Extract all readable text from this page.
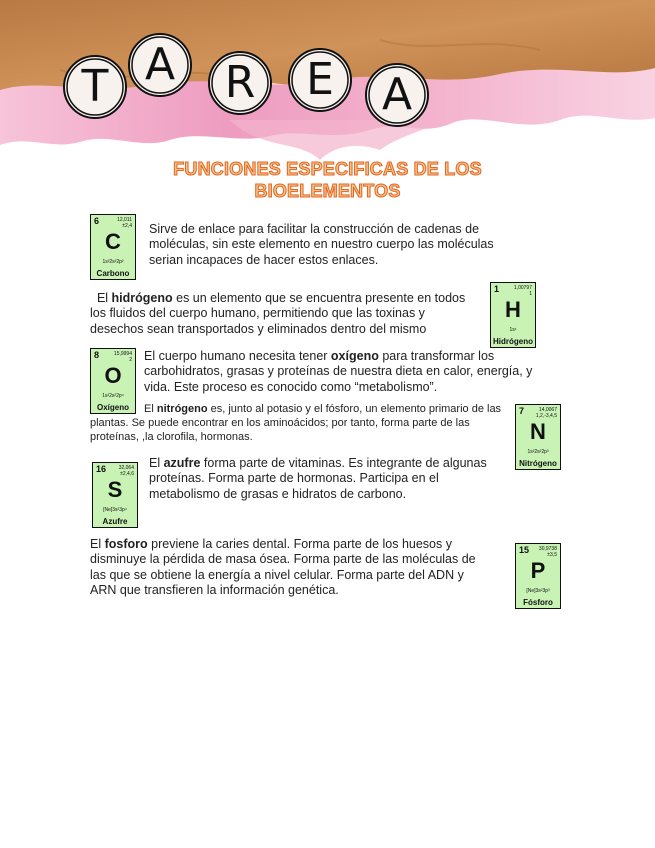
T A	R	E	A
FUNCIONES ESPECIFICAS DE LOS BIOELEMENTOS
6	12,011
±2,4
C
1s²2s²2p²
Carbono

Sirve de enlace para facilitar la construcción de cadenas de moléculas, sin este elemento en nuestro cuerpo las moléculas serian incapaces de hacer estos enlaces.

El hidrógeno es un elemento que se encuentra presente en todos los fluidos del cuerpo humano, permitiendo que las toxinas y desechos sean transportados y eliminados dentro del mismo

1	1,00797
1
H
1s¹
Hidrógeno
8	15,9994
2
O
1s²2s²2p⁴
Oxígeno

El cuerpo humano necesita tener oxígeno para transformar los carbohidratos, grasas y proteínas de nuestra dieta en calor, energía, y vida. Este proceso es conocido como “metabolismo”.

El nitrógeno es, junto al potasio y el fósforo, un elemento primario de las plantas. Se puede encontrar en los aminoácidos; por tanto, forma parte de las proteínas, ,la clorofila, hormonas.

7	14,0067
1,2,-3,4,5
N
1s²2s²2p³
Nitrógeno
16	32,064
±2,4,6
S
[Ne]3s²3p⁴
Azufre

El azufre forma parte de vitaminas. Es integrante de algunas proteínas. Forma parte de hormonas. Participa en el metabolismo de grasas e hidratos de carbono.

El fosforo previene la caries dental. Forma parte de los huesos y disminuye la pérdida de masa ósea. Forma parte de las moléculas de las que se obtiene la energía a nivel celular. Forma parte del ADN y ARN que transfieren la información genética.

15 30,9738
±3,5
P
[Ne]3s²3p³
Fósforo
